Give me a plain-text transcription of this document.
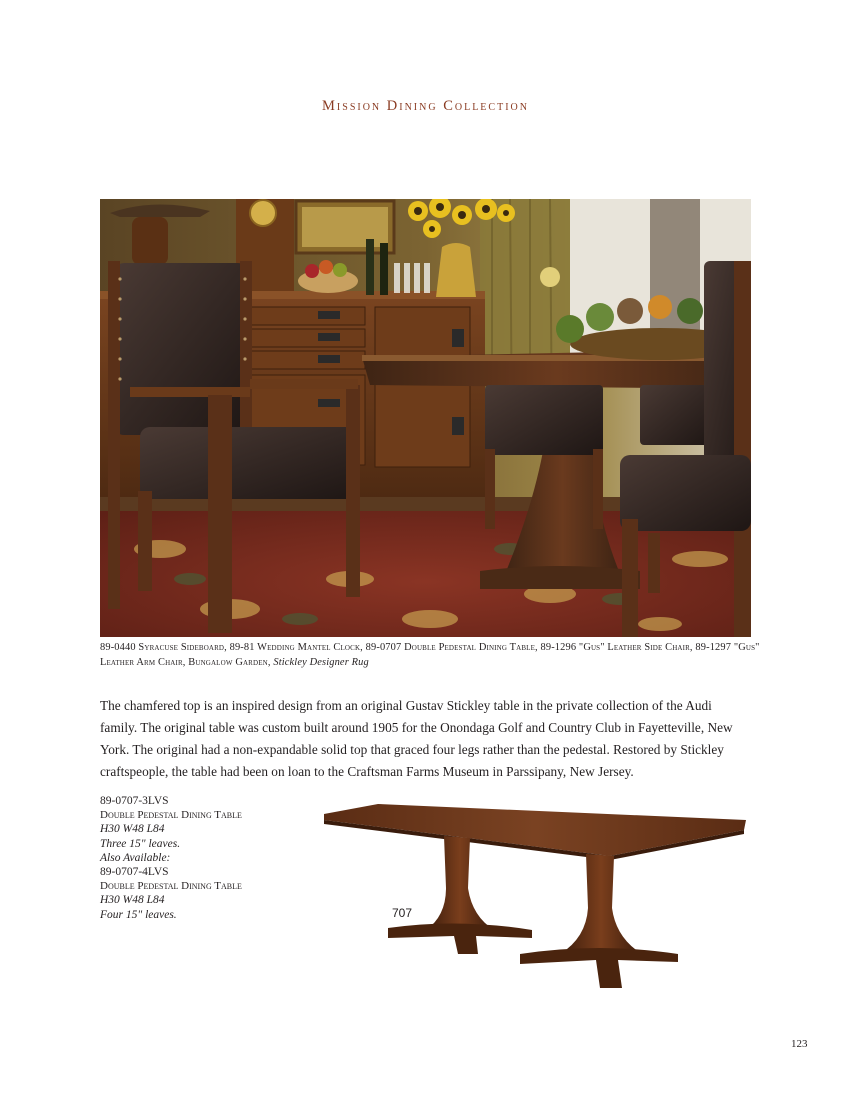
Mission Dining Collection
89-0440 Syracuse Sideboard, 89-81 Wedding Mantel Clock, 89-0707 Double Pedestal Dining Table, 89-1296 "Gus" Leather Side Chair, 89-1297 "Gus" Leather Arm Chair, Bungalow Garden, Stickley Designer Rug
The chamfered top is an inspired design from an original Gustav Stickley table in the private collection of the Audi family. The original table was custom built around 1905 for the Onondaga Golf and Country Club in Fayetteville, New York. The original had a non-expandable solid top that graced four legs rather than the pedestal. Restored by Stickley craftspeople, the table had been on loan to the Craftsman Farms Museum in Parssipany, New Jersey.
89-0707-3LVS
Double Pedestal Dining Table
H30 W48 L84
Three 15" leaves.
Also Available:
89-0707-4LVS
Double Pedestal Dining Table
H30 W48 L84
Four 15" leaves.	707
123
